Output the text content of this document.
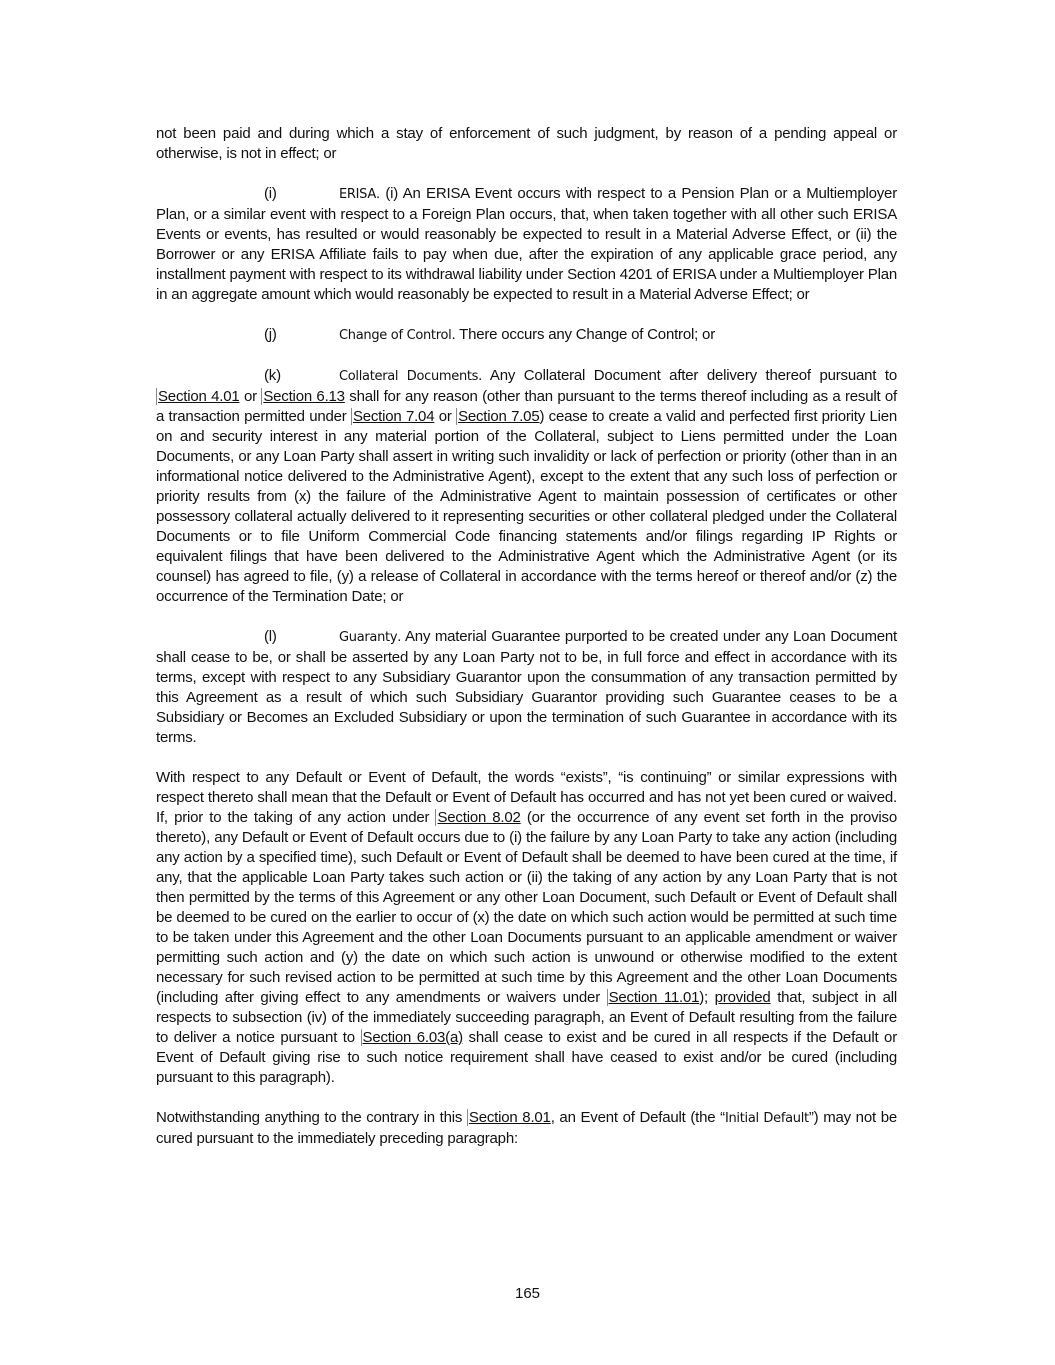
not been paid and during which a stay of enforcement of such judgment, by reason of a pending appeal or otherwise, is not in effect; or

(i)	ERISA. (i) An ERISA Event occurs with respect to a Pension Plan or a Multiemployer Plan, or a similar event with respect to a Foreign Plan occurs, that, when taken together with all other such ERISA Events or events, has resulted or would reasonably be expected to result in a Material Adverse Effect, or (ii) the Borrower or any ERISA Affiliate fails to pay when due, after the expiration of any applicable grace period, any installment payment with respect to its withdrawal liability under Section 4201 of ERISA under a Multiemployer Plan in an aggregate amount which would reasonably be expected to result in a Material Adverse Effect; or

(j)	Change of Control. There occurs any Change of Control; or

(k)	Collateral Documents. Any Collateral Document after delivery thereof pursuant to Section 4.01 or Section 6.13 shall for any reason (other than pursuant to the terms thereof including as a result of a transaction permitted under Section 7.04 or Section 7.05) cease to create a valid and perfected first priority Lien on and security interest in any material portion of the Collateral, subject to Liens permitted under the Loan Documents, or any Loan Party shall assert in writing such invalidity or lack of perfection or priority (other than in an informational notice delivered to the Administrative Agent), except to the extent that any such loss of perfection or priority results from (x) the failure of the Administrative Agent to maintain possession of certificates or other possessory collateral actually delivered to it representing securities or other collateral pledged under the Collateral Documents or to file Uniform Commercial Code financing statements and/or filings regarding IP Rights or equivalent filings that have been delivered to the Administrative Agent which the Administrative Agent (or its counsel) has agreed to file, (y) a release of Collateral in accordance with the terms hereof or thereof and/or (z) the occurrence of the Termination Date; or

(l)	Guaranty. Any material Guarantee purported to be created under any Loan Document shall cease to be, or shall be asserted by any Loan Party not to be, in full force and effect in accordance with its terms, except with respect to any Subsidiary Guarantor upon the consummation of any transaction permitted by this Agreement as a result of which such Subsidiary Guarantor providing such Guarantee ceases to be a Subsidiary or Becomes an Excluded Subsidiary or upon the termination of such Guarantee in accordance with its terms.

With respect to any Default or Event of Default, the words “exists”, “is continuing” or similar expressions with respect thereto shall mean that the Default or Event of Default has occurred and has not yet been cured or waived. If, prior to the taking of any action under Section 8.02 (or the occurrence of any event set forth in the proviso thereto), any Default or Event of Default occurs due to (i) the failure by any Loan Party to take any action (including any action by a specified time), such Default or Event of Default shall be deemed to have been cured at the time, if any, that the applicable Loan Party takes such action or (ii) the taking of any action by any Loan Party that is not then permitted by the terms of this Agreement or any other Loan Document, such Default or Event of Default shall be deemed to be cured on the earlier to occur of (x) the date on which such action would be permitted at such time to be taken under this Agreement and the other Loan Documents pursuant to an applicable amendment or waiver permitting such action and (y) the date on which such action is unwound or otherwise modified to the extent necessary for such revised action to be permitted at such time by this Agreement and the other Loan Documents (including after giving effect to any amendments or waivers under Section 11.01); provided that, subject in all respects to subsection (iv) of the immediately succeeding paragraph, an Event of Default resulting from the failure to deliver a notice pursuant to Section 6.03(a) shall cease to exist and be cured in all respects if the Default or Event of Default giving rise to such notice requirement shall have ceased to exist and/or be cured (including pursuant to this paragraph).

Notwithstanding anything to the contrary in this Section 8.01, an Event of Default (the “Initial Default”) may not be cured pursuant to the immediately preceding paragraph:

165
